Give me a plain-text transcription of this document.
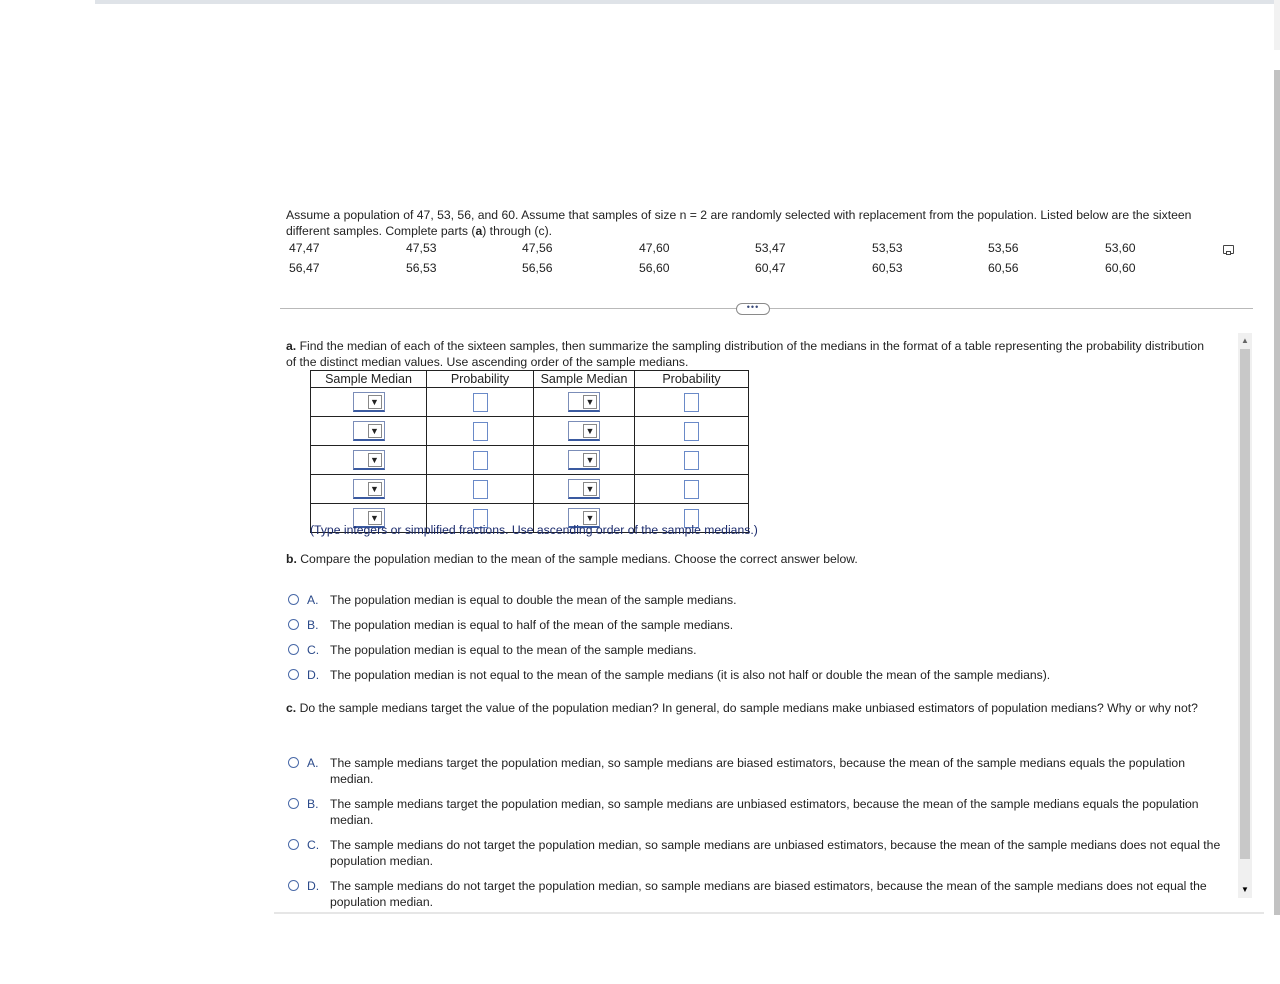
Assume a population of 47, 53, 56, and 60. Assume that samples of size n = 2 are randomly selected with replacement from the population. Listed below are the sixteen different samples. Complete parts (a) through (c).
47,47	47,53	47,56	47,60	53,47	53,53	53,56	53,60
56,47	56,53	56,56	56,60	60,47	60,53	60,56	60,60
•••
a. Find the median of each of the sixteen samples, then summarize the sampling distribution of the medians in the format of a table representing the probability distribution of the distinct median values. Use ascending order of the sample medians.
Sample Median	Probability	Sample Median	Probability

▼		▼	

▼		▼	

▼		▼	

▼		▼	

▼		▼	

(Type integers or simplified fractions. Use ascending order of the sample medians.)
b. Compare the population median to the mean of the sample medians. Choose the correct answer below.
A. The population median is equal to double the mean of the sample medians.
B. The population median is equal to half of the mean of the sample medians.
C. The population median is equal to the mean of the sample medians.
D. The population median is not equal to the mean of the sample medians (it is also not half or double the mean of the sample medians).
c. Do the sample medians target the value of the population median? In general, do sample medians make unbiased estimators of population medians? Why or why not?
A. The sample medians target the population median, so sample medians are biased estimators, because the mean of the sample medians equals the population median.
B. The sample medians target the population median, so sample medians are unbiased estimators, because the mean of the sample medians equals the population median.
C. The sample medians do not target the population median, so sample medians are unbiased estimators, because the mean of the sample medians does not equal the population median.
D. The sample medians do not target the population median, so sample medians are biased estimators, because the mean of the sample medians does not equal the population median.
▲
▼
